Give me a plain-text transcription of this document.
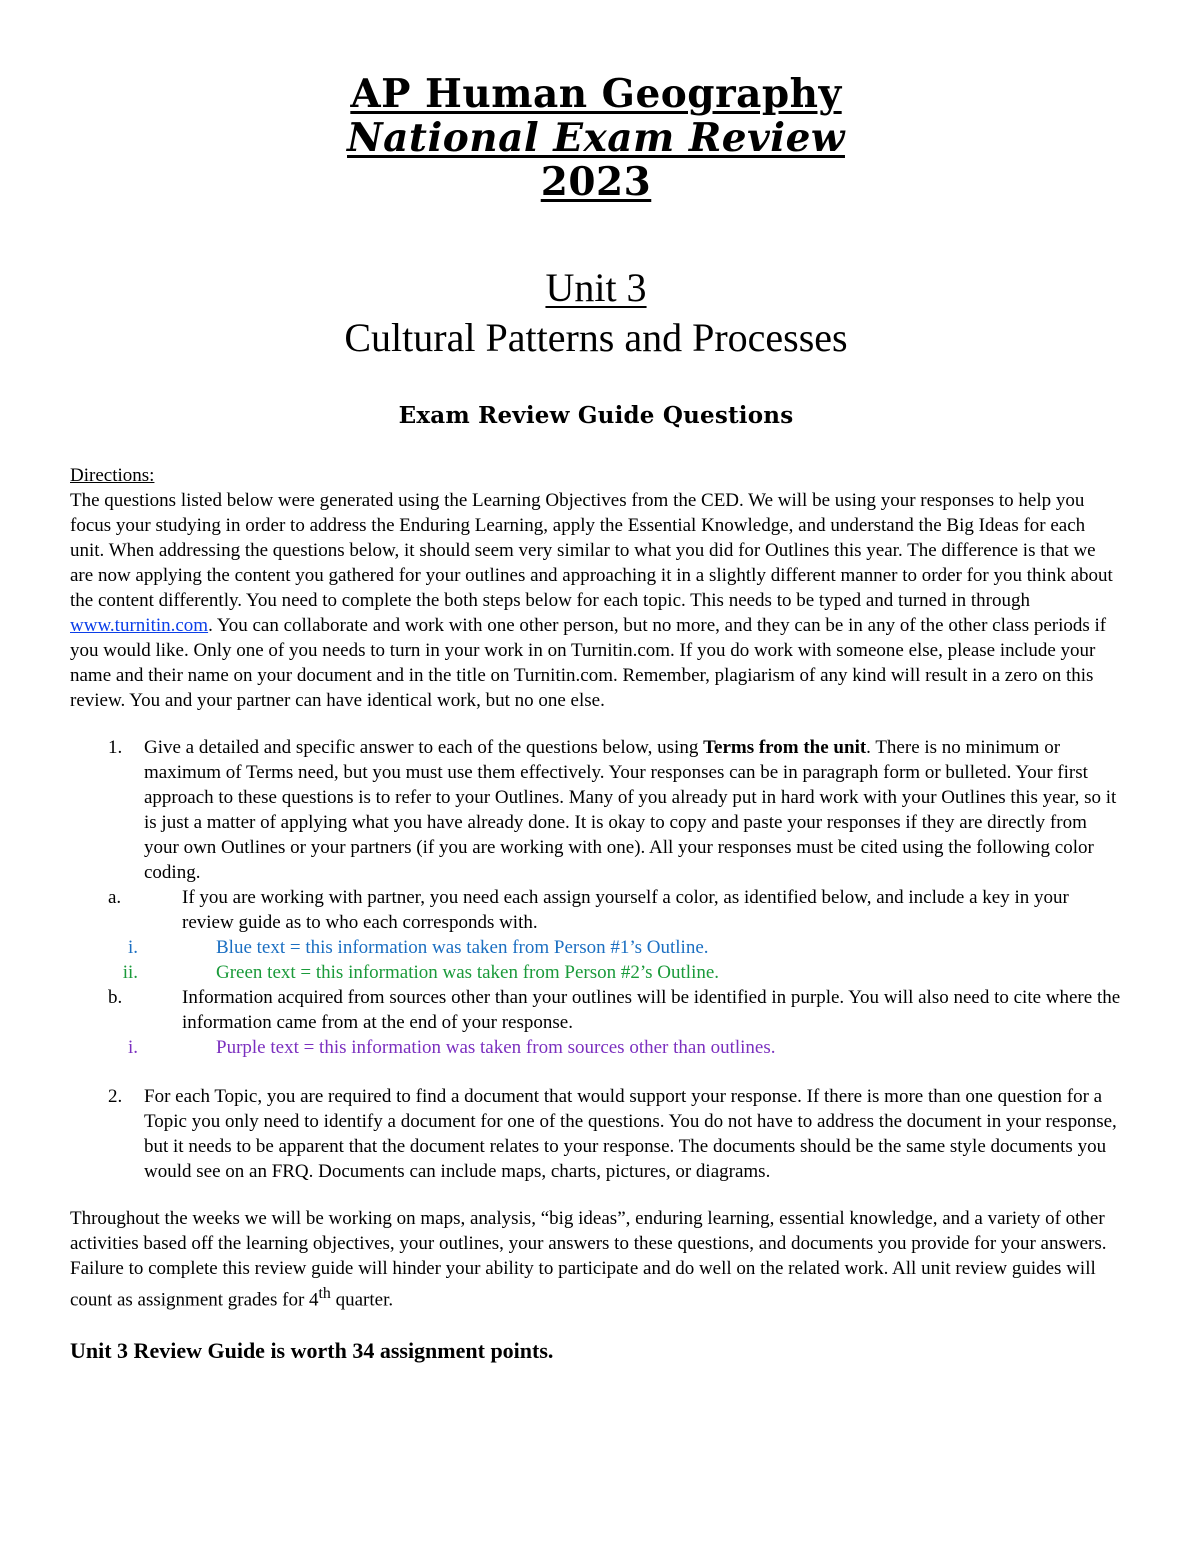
AP Human Geography
National Exam Review
2023
Unit 3
Cultural Patterns and Processes
Exam Review Guide Questions
Directions:

The questions listed below were generated using the Learning Objectives from the CED. We will be using your responses to help you focus your studying in order to address the Enduring Learning, apply the Essential Knowledge, and understand the Big Ideas for each unit. When addressing the questions below, it should seem very similar to what you did for Outlines this year. The difference is that we are now applying the content you gathered for your outlines and approaching it in a slightly different manner to order for you think about the content differently. You need to complete the both steps below for each topic. This needs to be typed and turned in through www.turnitin.com. You can collaborate and work with one other person, but no more, and they can be in any of the other class periods if you would like. Only one of you needs to turn in your work in on Turnitin.com. If you do work with someone else, please include your name and their name on your document and in the title on Turnitin.com. Remember, plagiarism of any kind will result in a zero on this review. You and your partner can have identical work, but no one else.

1. Give a detailed and specific answer to each of the questions below, using Terms from the unit. There is no minimum or maximum of Terms need, but you must use them effectively. Your responses can be in paragraph form or bulleted. Your first approach to these questions is to refer to your Outlines. Many of you already put in hard work with your Outlines this year, so it is just a matter of applying what you have already done. It is okay to copy and paste your responses if they are directly from your own Outlines or your partners (if you are working with one). All your responses must be cited using the following color coding.
a.	If you are working with partner, you need each assign yourself a color, as identified below, and include a key in your review guide as to who each corresponds with.
i.	Blue text = this information was taken from Person #1’s Outline.
ii.	Green text = this information was taken from Person #2’s Outline.
b.	Information acquired from sources other than your outlines will be identified in purple. You will also need to cite where the information came from at the end of your response.
i.	Purple text = this information was taken from sources other than outlines.
2. For each Topic, you are required to find a document that would support your response. If there is more than one question for a Topic you only need to identify a document for one of the questions. You do not have to address the document in your response, but it needs to be apparent that the document relates to your response. The documents should be the same style documents you would see on an FRQ. Documents can include maps, charts, pictures, or diagrams.

Throughout the weeks we will be working on maps, analysis, “big ideas”, enduring learning, essential knowledge, and a variety of other activities based off the learning objectives, your outlines, your answers to these questions, and documents you provide for your answers. Failure to complete this review guide will hinder your ability to participate and do well on the related work. All unit review guides will count as assignment grades for 4th quarter.

Unit 3 Review Guide is worth 34 assignment points.
